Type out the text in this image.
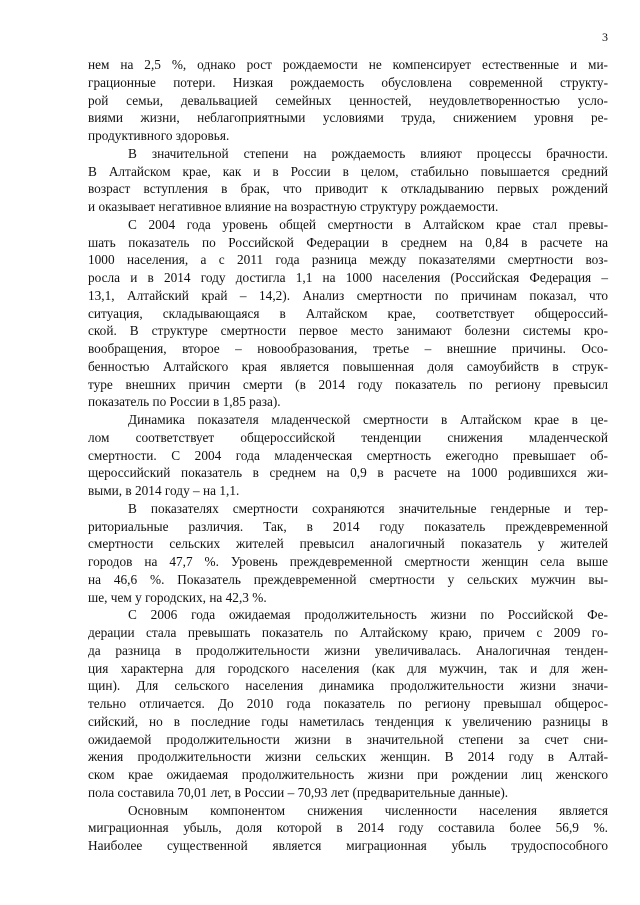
3
нем на 2,5 %, однако рост рождаемости не компенсирует естественные и ми-
грационные потери. Низкая рождаемость обусловлена современной структу-
рой семьи, девальвацией семейных ценностей, неудовлетворенностью усло-
виями жизни, неблагоприятными условиями труда, снижением уровня ре-
продуктивного здоровья.
В значительной степени на рождаемость влияют процессы брачности.
В Алтайском крае, как и в России в целом, стабильно повышается средний
возраст вступления в брак, что приводит к откладыванию первых рождений
и оказывает негативное влияние на возрастную структуру рождаемости.
С 2004 года уровень общей смертности в Алтайском крае стал превы-
шать показатель по Российской Федерации в среднем на 0,84 в расчете на
1000 населения, а с 2011 года разница между показателями смертности воз-
росла и в 2014 году достигла 1,1 на 1000 населения (Российская Федерация –
13,1, Алтайский край – 14,2). Анализ смертности по причинам показал, что
ситуация, складывающаяся в Алтайском крае, соответствует общероссий-
ской. В структуре смертности первое место занимают болезни системы кро-
вообращения, второе – новообразования, третье – внешние причины. Осо-
бенностью Алтайского края является повышенная доля самоубийств в струк-
туре внешних причин смерти (в 2014 году показатель по региону превысил
показатель по России в 1,85 раза).
Динамика показателя младенческой смертности в Алтайском крае в це-
лом соответствует общероссийской тенденции снижения младенческой
смертности. С 2004 года младенческая смертность ежегодно превышает об-
щероссийский показатель в среднем на 0,9 в расчете на 1000 родившихся жи-
выми, в 2014 году – на 1,1.
В показателях смертности сохраняются значительные гендерные и тер-
риториальные различия. Так, в 2014 году показатель преждевременной
смертности сельских жителей превысил аналогичный показатель у жителей
городов на 47,7 %. Уровень преждевременной смертности женщин села выше
на 46,6 %. Показатель преждевременной смертности у сельских мужчин вы-
ше, чем у городских, на 42,3 %.
С 2006 года ожидаемая продолжительность жизни по Российской Фе-
дерации стала превышать показатель по Алтайскому краю, причем с 2009 го-
да разница в продолжительности жизни увеличивалась. Аналогичная тенден-
ция характерна для городского населения (как для мужчин, так и для жен-
щин). Для сельского населения динамика продолжительности жизни значи-
тельно отличается. До 2010 года показатель по региону превышал общерос-
сийский, но в последние годы наметилась тенденция к увеличению разницы в
ожидаемой продолжительности жизни в значительной степени за счет сни-
жения продолжительности жизни сельских женщин. В 2014 году в Алтай-
ском крае ожидаемая продолжительность жизни при рождении лиц женского
пола составила 70,01 лет, в России – 70,93 лет (предварительные данные).
Основным компонентом снижения численности населения является
миграционная убыль, доля которой в 2014 году составила более 56,9 %.
Наиболее существенной является миграционная убыль трудоспособного
